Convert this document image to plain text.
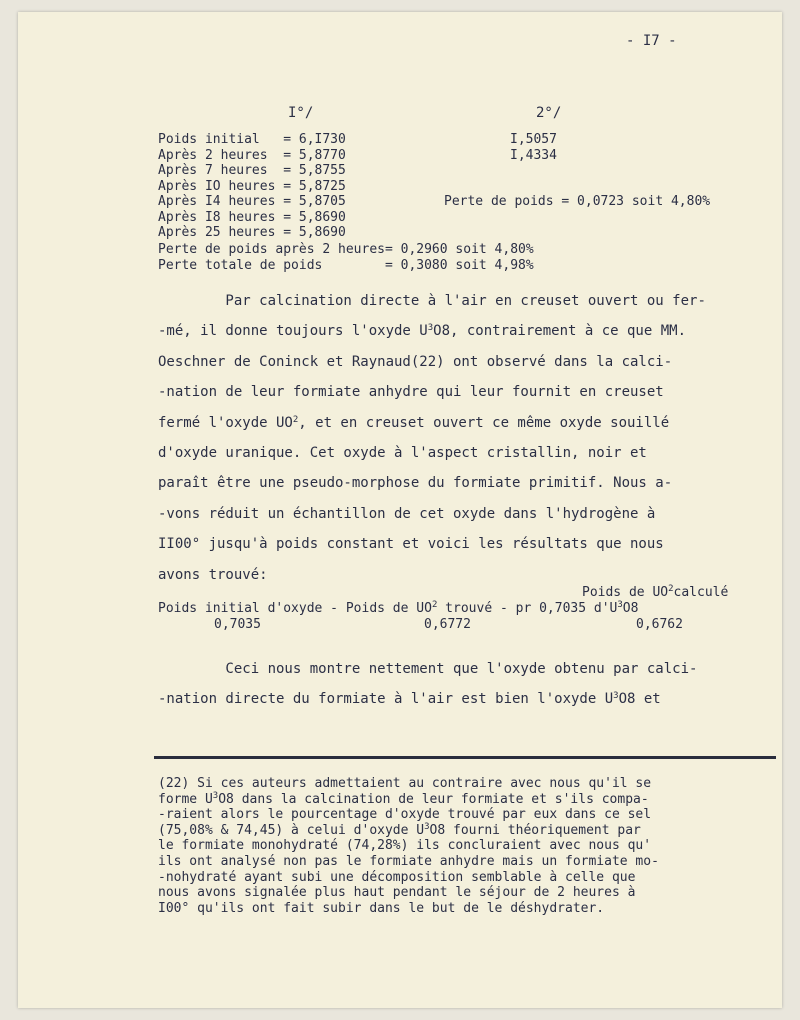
- I7 -
I°/	2°/
Poids initial   = 6,I730	I,5057
Après 2 heures  = 5,8770	I,4334
Après 7 heures  = 5,8755
Après IO heures = 5,8725
Après I4 heures = 5,8705	Perte de poids = 0,0723 soit 4,80%
Après I8 heures = 5,8690
Après 25 heures = 5,8690
Perte de poids après 2 heures= 0,2960 soit 4,80%
Perte totale de poids        = 0,3080 soit 4,98%
Par calcination directe à l'air en creuset ouvert ou fer-
-mé, il donne toujours l'oxyde $U^3O8$, contrairement à ce que MM.
Oeschner de Coninck et Raynaud(22) ont observé dans la calci-
-nation de leur formiate anhydre qui leur fournit en creuset
fermé l'oxyde $UO^2$, et en creuset ouvert ce même oxyde souillé
d'oxyde uranique. Cet oxyde à l'aspect cristallin, noir et
paraît être une pseudo-morphose du formiate primitif. Nous a-
-vons réduit un échantillon de cet oxyde dans l'hydrogène à
II00° jusqu'à poids constant et voici les résultats que nous
avons trouvé:
Poids de $UO^2calculé$
Poids initial d'oxyde - Poids de $UO^2$ trouvé - pr 0,7035 $d'U^3O8$
0,7035	0,6772	0,6762
Ceci nous montre nettement que l'oxyde obtenu par calci-
-nation directe du formiate à l'air est bien l'oxyde $U^3O8$ et
(22) Si ces auteurs admettaient au contraire avec nous qu'il se
forme $U^3O8$ dans la calcination de leur formiate et s'ils compa-
-raient alors le pourcentage d'oxyde trouvé par eux dans ce sel
(75,08% & 74,45) à celui d'oxyde $U^3O8$ fourni théoriquement par
le formiate monohydraté (74,28%) ils concluraient avec nous qu'
ils ont analysé non pas le formiate anhydre mais un formiate mo-
-nohydraté ayant subi une décomposition semblable à celle que
nous avons signalée plus haut pendant le séjour de 2 heures à
I00° qu'ils ont fait subir dans le but de le déshydrater.
